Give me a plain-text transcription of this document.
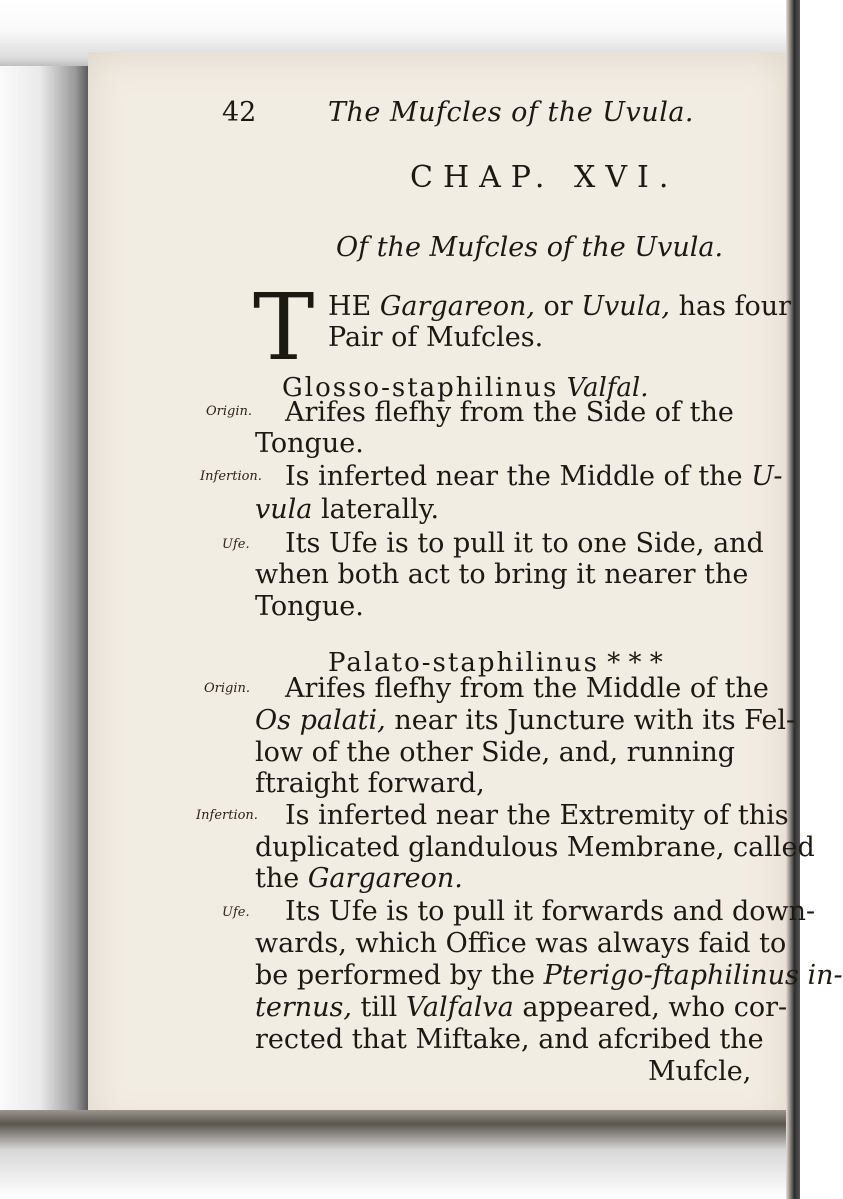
42	The Mufcles of the Uvula.
CHAP. XVI.
Of the Mufcles of the Uvula.
T HE Gargareon, or Uvula, has four
Pair of Mufcles.
Glosso-staphilinus Valfal.
Origin. Arifes flefhy from the Side of the
Tongue.
Infertion. Is inferted near the Middle of the U-
vula laterally.
Ufe. Its Ufe is to pull it to one Side, and
when both act to bring it nearer the
Tongue.
Palato-staphilinus * * *
Origin. Arifes flefhy from the Middle of the
Os palati, near its Juncture with its Fel-
low of the other Side, and, running
ftraight forward,
Infertion. Is inferted near the Extremity of this
duplicated glandulous Membrane, called
the Gargareon.
Ufe. Its Ufe is to pull it forwards and down-
wards, which Office was always faid to
be performed by the Pterigo-ftaphilinus in-
ternus, till Valfalva appeared, who cor-
rected that Miftake, and afcribed the
Mufcle,
